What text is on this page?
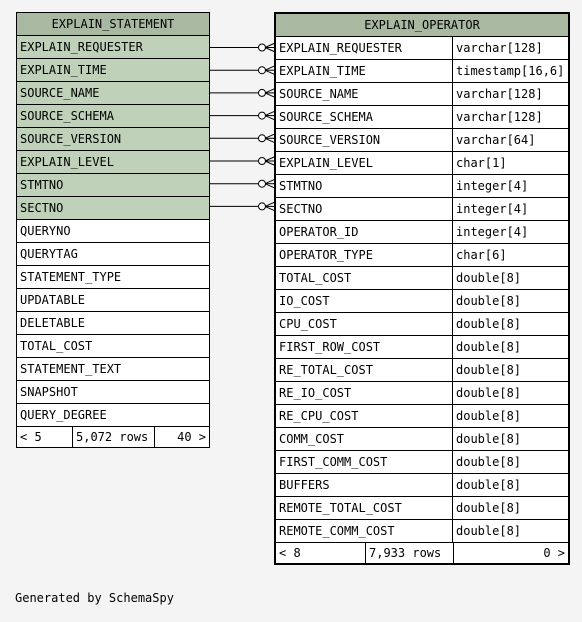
EXPLAIN_STATEMENT
EXPLAIN_REQUESTER
EXPLAIN_TIME
SOURCE_NAME
SOURCE_SCHEMA
SOURCE_VERSION
EXPLAIN_LEVEL
STMTNO
SECTNO
QUERYNO
QUERYTAG
STATEMENT_TYPE
UPDATABLE
DELETABLE
TOTAL_COST
STATEMENT_TEXT
SNAPSHOT
QUERY_DEGREE
< 5	5,072 rows	40 >
EXPLAIN_OPERATOR
EXPLAIN_REQUESTER	varchar[128]
EXPLAIN_TIME	timestamp[16,6]
SOURCE_NAME	varchar[128]
SOURCE_SCHEMA	varchar[128]
SOURCE_VERSION	varchar[64]
EXPLAIN_LEVEL	char[1]
STMTNO	integer[4]
SECTNO	integer[4]
OPERATOR_ID	integer[4]
OPERATOR_TYPE	char[6]
TOTAL_COST	double[8]
IO_COST	double[8]
CPU_COST	double[8]
FIRST_ROW_COST	double[8]
RE_TOTAL_COST	double[8]
RE_IO_COST	double[8]
RE_CPU_COST	double[8]
COMM_COST	double[8]
FIRST_COMM_COST	double[8]
BUFFERS	double[8]
REMOTE_TOTAL_COST	double[8]
REMOTE_COMM_COST	double[8]
< 8	7,933 rows	0 >
Generated by SchemaSpy
